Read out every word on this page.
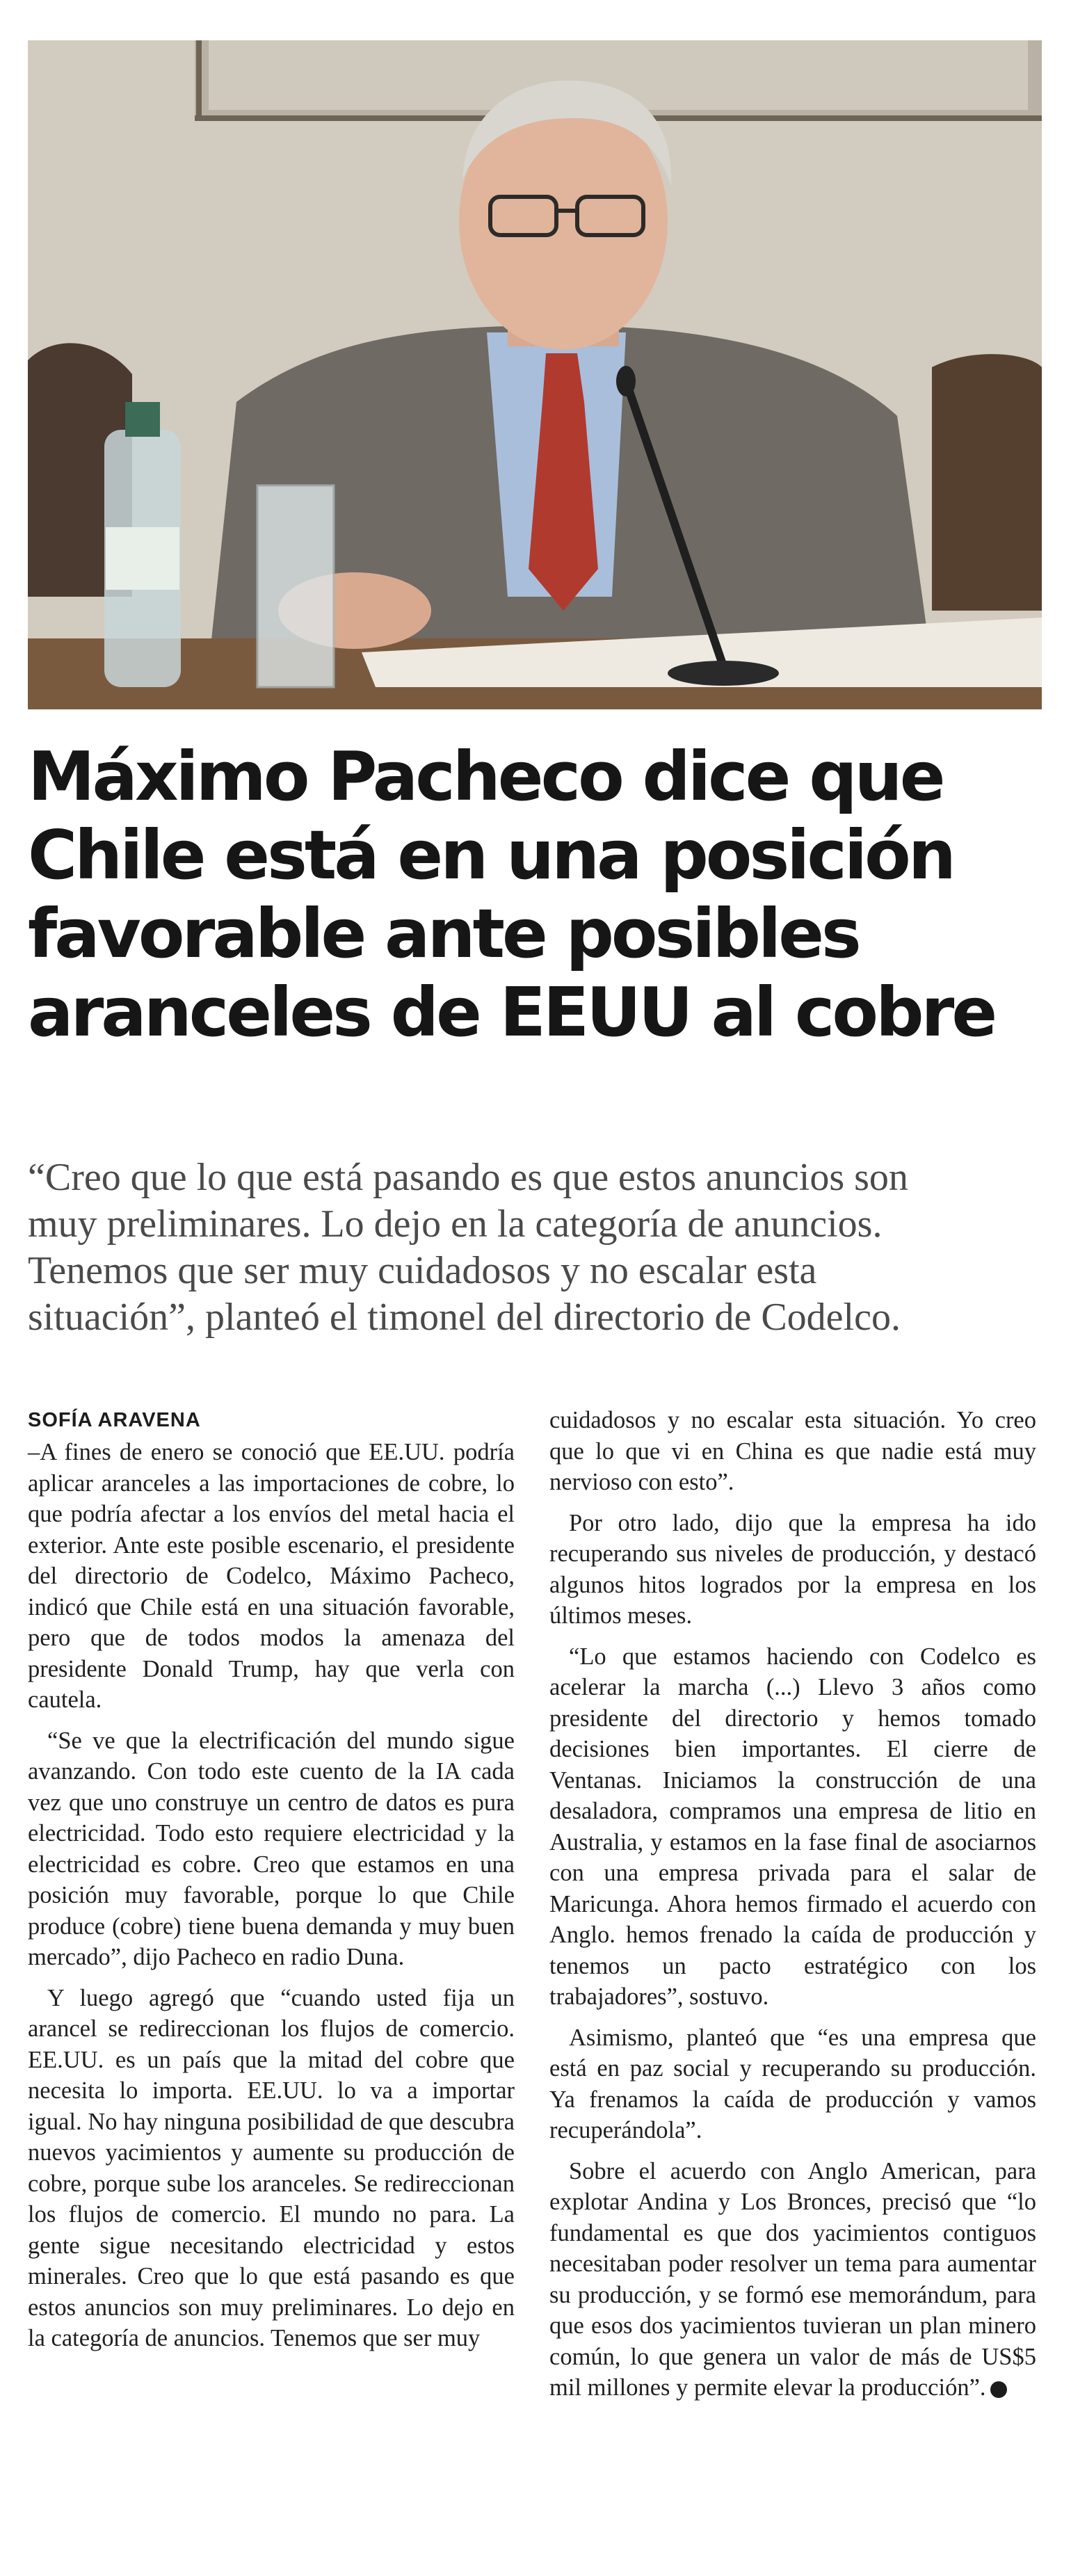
Máximo Pacheco dice que
Chile está en una posición
favorable ante posibles
aranceles de EEUU al cobre

“Creo que lo que está pasando es que estos anuncios son
muy preliminares. Lo dejo en la categoría de anuncios.
Tenemos que ser muy cuidadosos y no escalar esta
situación”, planteó el timonel del directorio de Codelco.

SOFÍA ARAVENA

–A fines de enero se conoció que EE.UU. podría aplicar aranceles a las importaciones de cobre, lo que podría afectar a los envíos del metal hacia el exterior. Ante este posible escenario, el presidente del directorio de Codelco, Máximo Pacheco, indicó que Chile está en una situación favorable, pero que de todos modos la amenaza del presidente Donald Trump, hay que verla con cautela.

“Se ve que la electrificación del mundo sigue avanzando. Con todo este cuento de la IA cada vez que uno construye un centro de datos es pura electricidad. Todo esto requiere electricidad y la electricidad es cobre. Creo que estamos en una posición muy favorable, porque lo que Chile produce (cobre) tiene buena demanda y muy buen mercado”, dijo Pacheco en radio Duna.

Y luego agregó que “cuando usted fija un arancel se redireccionan los flujos de comercio. EE.UU. es un país que la mitad del cobre que necesita lo importa. EE.UU. lo va a importar igual. No hay ninguna posibilidad de que descubra nuevos yacimientos y aumente su producción de cobre, porque sube los aranceles. Se redireccionan los flujos de comercio. El mundo no para. La gente sigue necesitando electricidad y estos minerales. Creo que lo que está pasando es que estos anuncios son muy preliminares. Lo dejo en la categoría de anuncios. Tenemos que ser muy

cuidadosos y no escalar esta situación. Yo creo que lo que vi en China es que nadie está muy nervioso con esto”.

Por otro lado, dijo que la empresa ha ido recuperando sus niveles de producción, y destacó algunos hitos logrados por la empresa en los últimos meses.

“Lo que estamos haciendo con Codelco es acelerar la marcha (...) Llevo 3 años como presidente del directorio y hemos tomado decisiones bien importantes. El cierre de Ventanas. Iniciamos la construcción de una desaladora, compramos una empresa de litio en Australia, y estamos en la fase final de asociarnos con una empresa privada para el salar de Maricunga. Ahora hemos firmado el acuerdo con Anglo. hemos frenado la caída de producción y tenemos un pacto estratégico con los trabajadores”, sostuvo.

Asimismo, planteó que “es una empresa que está en paz social y recuperando su producción. Ya frenamos la caída de producción y vamos recuperándola”.

Sobre el acuerdo con Anglo American, para explotar Andina y Los Bronces, precisó que “lo fundamental es que dos yacimientos contiguos necesitaban poder resolver un tema para aumentar su producción, y se formó ese memorándum, para que esos dos yacimientos tuvieran un plan minero común, lo que genera un valor de más de US$5 mil millones y permite elevar la producción”. P
